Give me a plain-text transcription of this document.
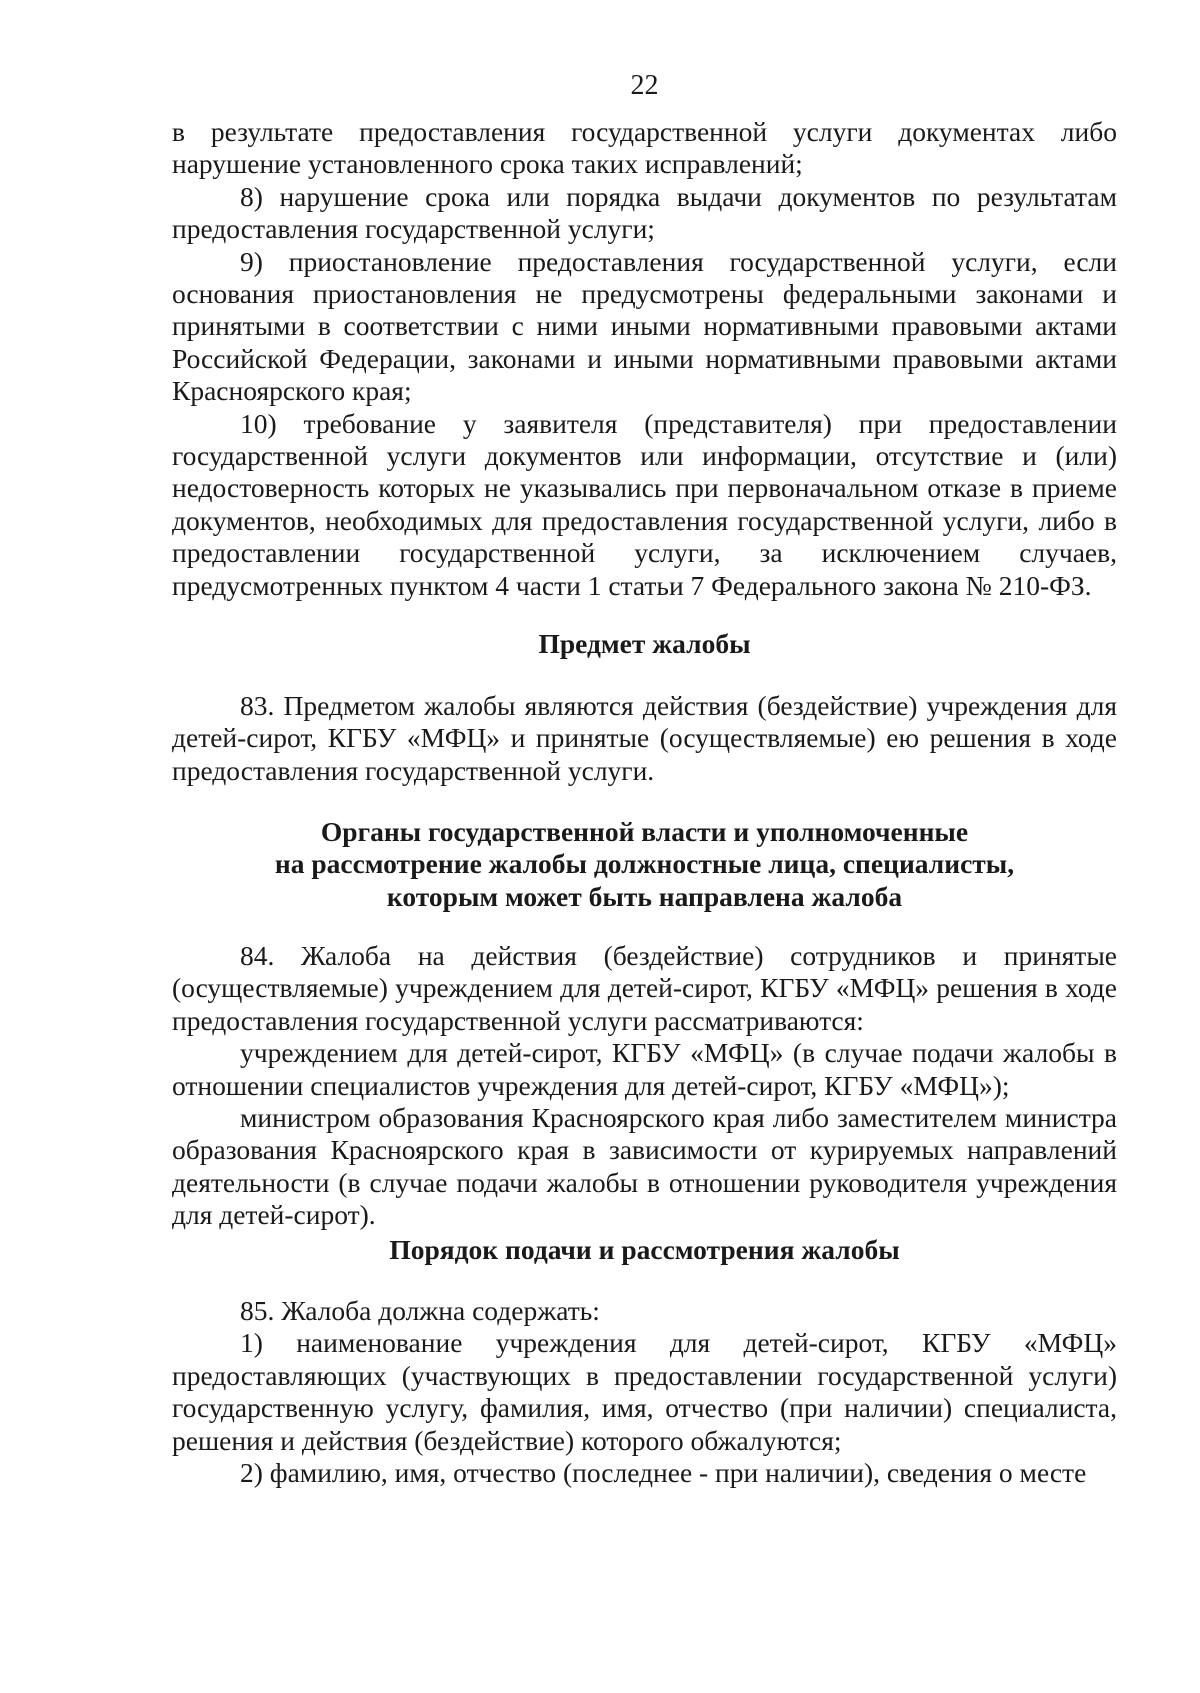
22

в результате предоставления государственной услуги документах либо нарушение установленного срока таких исправлений;

8) нарушение срока или порядка выдачи документов по результатам предоставления государственной услуги;

9) приостановление предоставления государственной услуги, если основания приостановления не предусмотрены федеральными законами и принятыми в соответствии с ними иными нормативными правовыми актами Российской Федерации, законами и иными нормативными правовыми актами Красноярского края;

10) требование у заявителя (представителя) при предоставлении государственной услуги документов или информации, отсутствие и (или) недостоверность которых не указывались при первоначальном отказе в приеме документов, необходимых для предоставления государственной услуги, либо в предоставлении государственной услуги, за исключением случаев, предусмотренных пунктом 4 части 1 статьи 7 Федерального закона № 210-ФЗ.

Предмет жалобы

83. Предметом жалобы являются действия (бездействие) учреждения для детей-сирот, КГБУ «МФЦ» и принятые (осуществляемые) ею решения в ходе предоставления государственной услуги.

Органы государственной власти и уполномоченные
на рассмотрение жалобы должностные лица, специалисты,
которым может быть направлена жалоба

84. Жалоба на действия (бездействие) сотрудников и принятые (осуществляемые) учреждением для детей-сирот, КГБУ «МФЦ» решения в ходе предоставления государственной услуги рассматриваются:

учреждением для детей-сирот, КГБУ «МФЦ» (в случае подачи жалобы в отношении специалистов учреждения для детей-сирот, КГБУ «МФЦ»);

министром образования Красноярского края либо заместителем министра образования Красноярского края в зависимости от курируемых направлений деятельности (в случае подачи жалобы в отношении руководителя учреждения для детей-сирот).

Порядок подачи и рассмотрения жалобы

85. Жалоба должна содержать:

1) наименование учреждения для детей-сирот, КГБУ «МФЦ» предоставляющих (участвующих в предоставлении государственной услуги) государственную услугу, фамилия, имя, отчество (при наличии) специалиста, решения и действия (бездействие) которого обжалуются;

2) фамилию, имя, отчество (последнее - при наличии), сведения о месте
